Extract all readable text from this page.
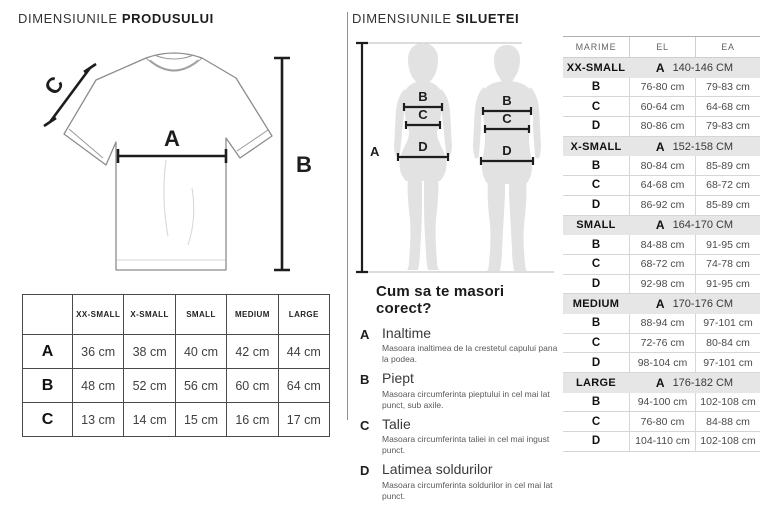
DIMENSIUNILE PRODUSULUI
A
B
C
	XX-SMALL	X-SMALL	SMALL	MEDIUM	LARGE
A	36 cm	38 cm	40 cm	42 cm	44 cm
B	48 cm	52 cm	56 cm	60 cm	64 cm
C	13 cm	14 cm	15 cm	16 cm	17 cm
DIMENSIUNILE SILUETEI
A
B
C
D
B
C
D
Cum sa te masori corect?
A Inaltime
Masoara inaltimea de la crestetul capului pana la podea.
B Piept
Masoara circumferinta pieptului in cel mai lat punct, sub axile.
C Talie
Masoara circumferinta taliei in cel mai ingust punct.
D Latimea soldurilor
Masoara circumferinta soldurilor in cel mai lat punct.
MARIME	EL	EA
XX-SMALL	A 140-146 CM
B	76-80 cm	79-83 cm
C	60-64 cm	64-68 cm
D	80-86 cm	79-83 cm
X-SMALL	A 152-158 CM
B	80-84 cm	85-89 cm
C	64-68 cm	68-72 cm
D	86-92 cm	85-89 cm
SMALL	A 164-170 CM
B	84-88 cm	91-95 cm
C	68-72 cm	74-78 cm
D	92-98 cm	91-95 cm
MEDIUM	A 170-176 CM
B	88-94 cm	97-101 cm
C	72-76 cm	80-84 cm
D	98-104 cm	97-101 cm
LARGE	A 176-182 CM
B	94-100 cm	102-108 cm
C	76-80 cm	84-88 cm
D	104-110 cm 102-108 cm
